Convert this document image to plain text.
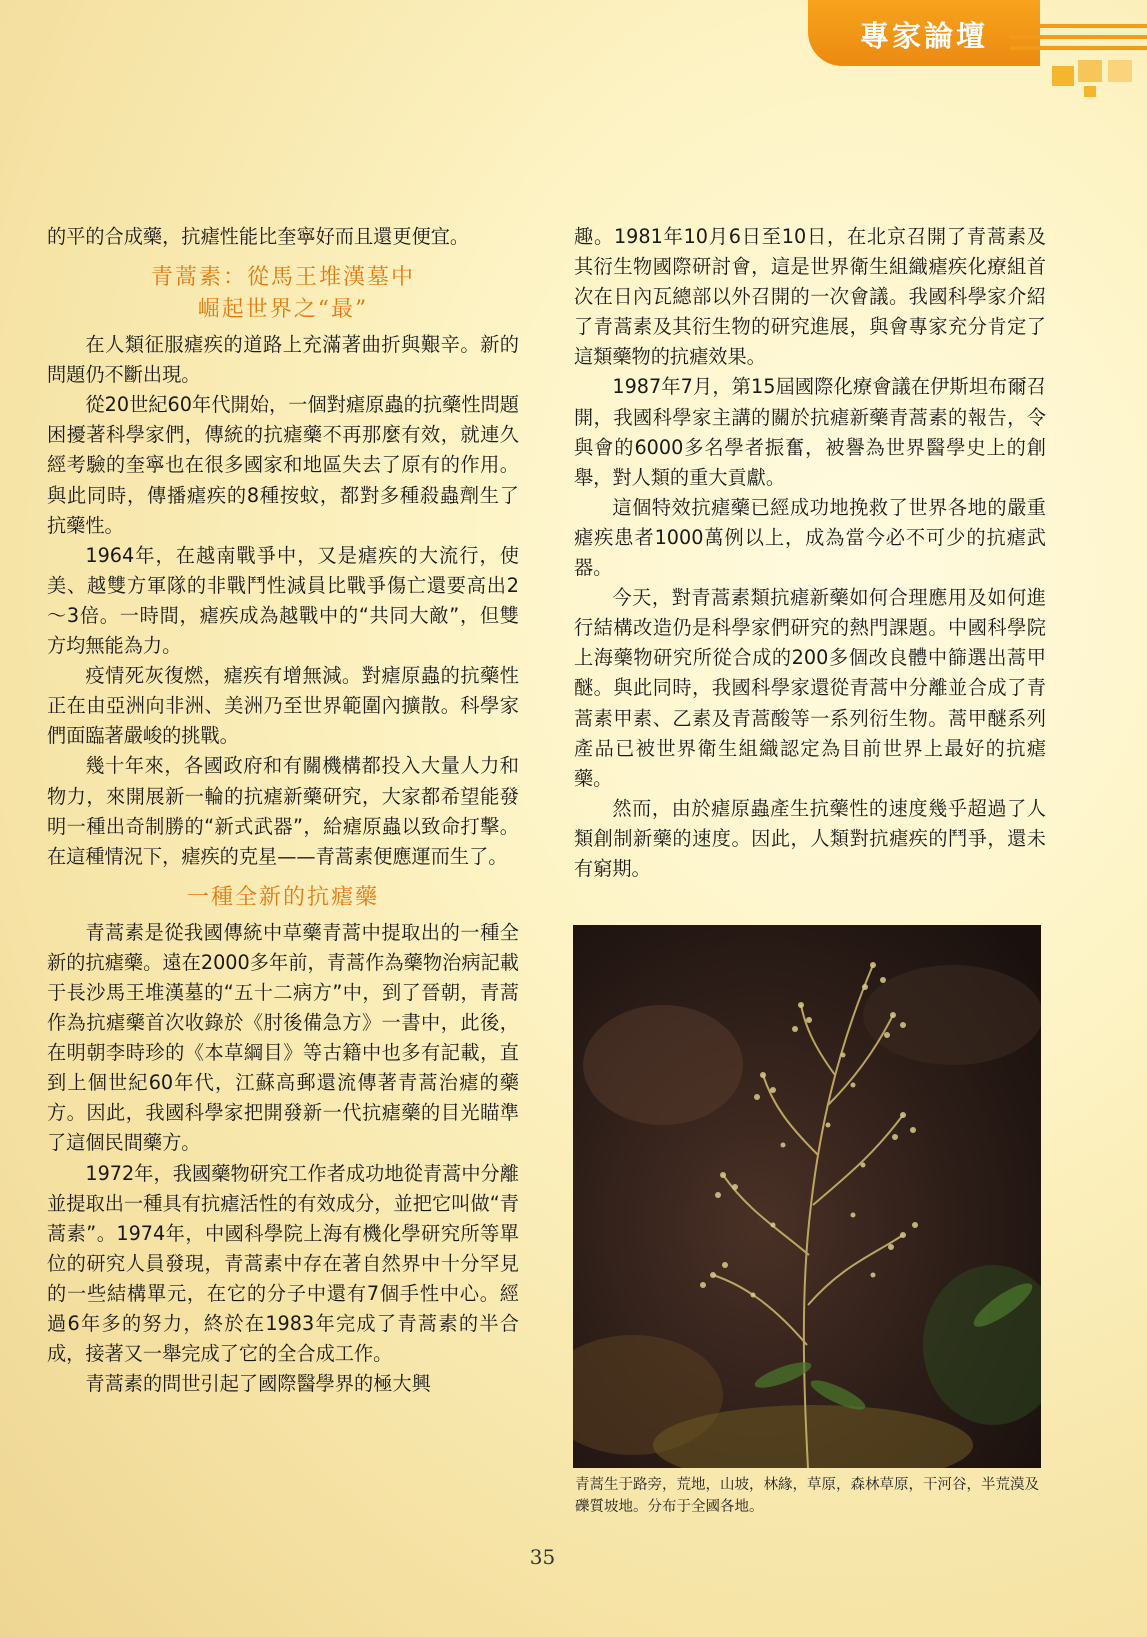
專家論壇

的平的合成藥，抗瘧性能比奎寧好而且還更便宜。

青蒿素：從馬王堆漢墓中
崛起世界之“最”

在人類征服瘧疾的道路上充滿著曲折與艱辛。新的問題仍不斷出現。

從20世紀60年代開始，一個對瘧原蟲的抗藥性問題困擾著科學家們，傳統的抗瘧藥不再那麼有效，就連久經考驗的奎寧也在很多國家和地區失去了原有的作用。與此同時，傳播瘧疾的8種按蚊，都對多種殺蟲劑生了抗藥性。

1964年，在越南戰爭中，又是瘧疾的大流行，使美、越雙方軍隊的非戰鬥性減員比戰爭傷亡還要高出2～3倍。一時間，瘧疾成為越戰中的“共同大敵”，但雙方均無能為力。

疫情死灰復燃，瘧疾有增無減。對瘧原蟲的抗藥性正在由亞洲向非洲、美洲乃至世界範圍內擴散。科學家們面臨著嚴峻的挑戰。

幾十年來，各國政府和有關機構都投入大量人力和物力，來開展新一輪的抗瘧新藥研究，大家都希望能發明一種出奇制勝的“新式武器”，給瘧原蟲以致命打擊。在這種情況下，瘧疾的克星——青蒿素便應運而生了。

一種全新的抗瘧藥

青蒿素是從我國傳統中草藥青蒿中提取出的一種全新的抗瘧藥。遠在2000多年前，青蒿作為藥物治病記載于長沙馬王堆漢墓的“五十二病方”中，到了晉朝，青蒿作為抗瘧藥首次收錄於《肘後備急方》一書中，此後，在明朝李時珍的《本草綱目》等古籍中也多有記載，直到上個世紀60年代，江蘇高郵還流傳著青蒿治瘧的藥方。因此，我國科學家把開發新一代抗瘧藥的目光瞄準了這個民間藥方。

1972年，我國藥物研究工作者成功地從青蒿中分離並提取出一種具有抗瘧活性的有效成分，並把它叫做“青蒿素”。1974年，中國科學院上海有機化學研究所等單位的研究人員發現，青蒿素中存在著自然界中十分罕見的一些結構單元，在它的分子中還有7個手性中心。經過6年多的努力，終於在1983年完成了青蒿素的半合成，接著又一舉完成了它的全合成工作。

青蒿素的問世引起了國際醫學界的極大興

趣。1981年10月6日至10日，在北京召開了青蒿素及其衍生物國際研討會，這是世界衛生組織瘧疾化療組首次在日內瓦總部以外召開的一次會議。我國科學家介紹了青蒿素及其衍生物的研究進展，與會專家充分肯定了這類藥物的抗瘧效果。

1987年7月，第15屆國際化療會議在伊斯坦布爾召開，我國科學家主講的關於抗瘧新藥青蒿素的報告，令與會的6000多名學者振奮，被譽為世界醫學史上的創舉，對人類的重大貢獻。

這個特效抗瘧藥已經成功地挽救了世界各地的嚴重瘧疾患者1000萬例以上，成為當今必不可少的抗瘧武器。

今天，對青蒿素類抗瘧新藥如何合理應用及如何進行結構改造仍是科學家們研究的熱門課題。中國科學院上海藥物研究所從合成的200多個改良體中篩選出蒿甲醚。與此同時，我國科學家還從青蒿中分離並合成了青蒿素甲素、乙素及青蒿酸等一系列衍生物。蒿甲醚系列產品已被世界衛生組織認定為目前世界上最好的抗瘧藥。

然而，由於瘧原蟲產生抗藥性的速度幾乎超過了人類創制新藥的速度。因此，人類對抗瘧疾的鬥爭，還未有窮期。

青蒿生于路旁，荒地，山坡，林緣，草原，森林草原，干河谷，半荒漠及礫質坡地。分布于全國各地。
35
